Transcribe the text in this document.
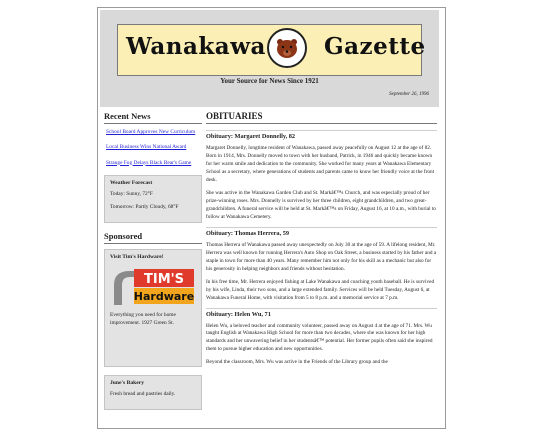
Wanakawa	Gazette
Your Source for News Since 1921
September 26, 1996
Recent News
School Board Approves New Curriculum
Local Business Wins National Award
Strange Fog Delays Black Bear's Game
Weather Forecast
Today: Sunny, 72°F
Tomorrow: Partly Cloudy, 68°F
Sponsored
Visit Tim's Hardware!
TIM'S
Hardware
Everything you need for home improvement. 1927 Green St.
June's Bakery
Fresh bread and pastries daily.
OBITUARIES
Obituary: Margaret Donnelly, 82

Margaret Donnelly, longtime resident of Wanakawa, passed away peacefully on August 12 at the age of 82. Born in 1914, Mrs. Donnelly moved to town with her husband, Patrick, in 1946 and quickly became known for her warm smile and dedication to the community. She worked for many years at Wanakawa Elementary School as a secretary, where generations of students and parents came to know her friendly voice at the front desk.

She was active in the Wanakawa Garden Club and St. Markâ€™s Church, and was especially proud of her prize-winning roses. Mrs. Donnelly is survived by her three children, eight grandchildren, and two great-grandchildren. A funeral service will be held at St. Markâ€™s on Friday, August 16, at 10 a.m., with burial to follow at Wanakawa Cemetery.

Obituary: Thomas Herrera, 59

Thomas Herrera of Wanakawa passed away unexpectedly on July 30 at the age of 59. A lifelong resident, Mr. Herrera was well known for running Herrera's Auto Shop on Oak Street, a business started by his father and a staple in town for more than 40 years. Many remember him not only for his skill as a mechanic but also for his generosity in helping neighbors and friends without hesitation.

In his free time, Mr. Herrera enjoyed fishing at Lake Wanakawa and coaching youth baseball. He is survived by his wife, Linda, their two sons, and a large extended family. Services will be held Tuesday, August 6, at Wanakawa Funeral Home, with visitation from 5 to 8 p.m. and a memorial service at 7 p.m.

Obituary: Helen Wu, 71

Helen Wu, a beloved teacher and community volunteer, passed away on August 4 at the age of 71. Mrs. Wu taught English at Wanakawa High School for more than two decades, where she was known for her high standards and her unwavering belief in her studentsâ€™ potential. Her former pupils often said she inspired them to pursue higher education and new opportunities.

Beyond the classroom, Mrs. Wu was active in the Friends of the Library group and the
